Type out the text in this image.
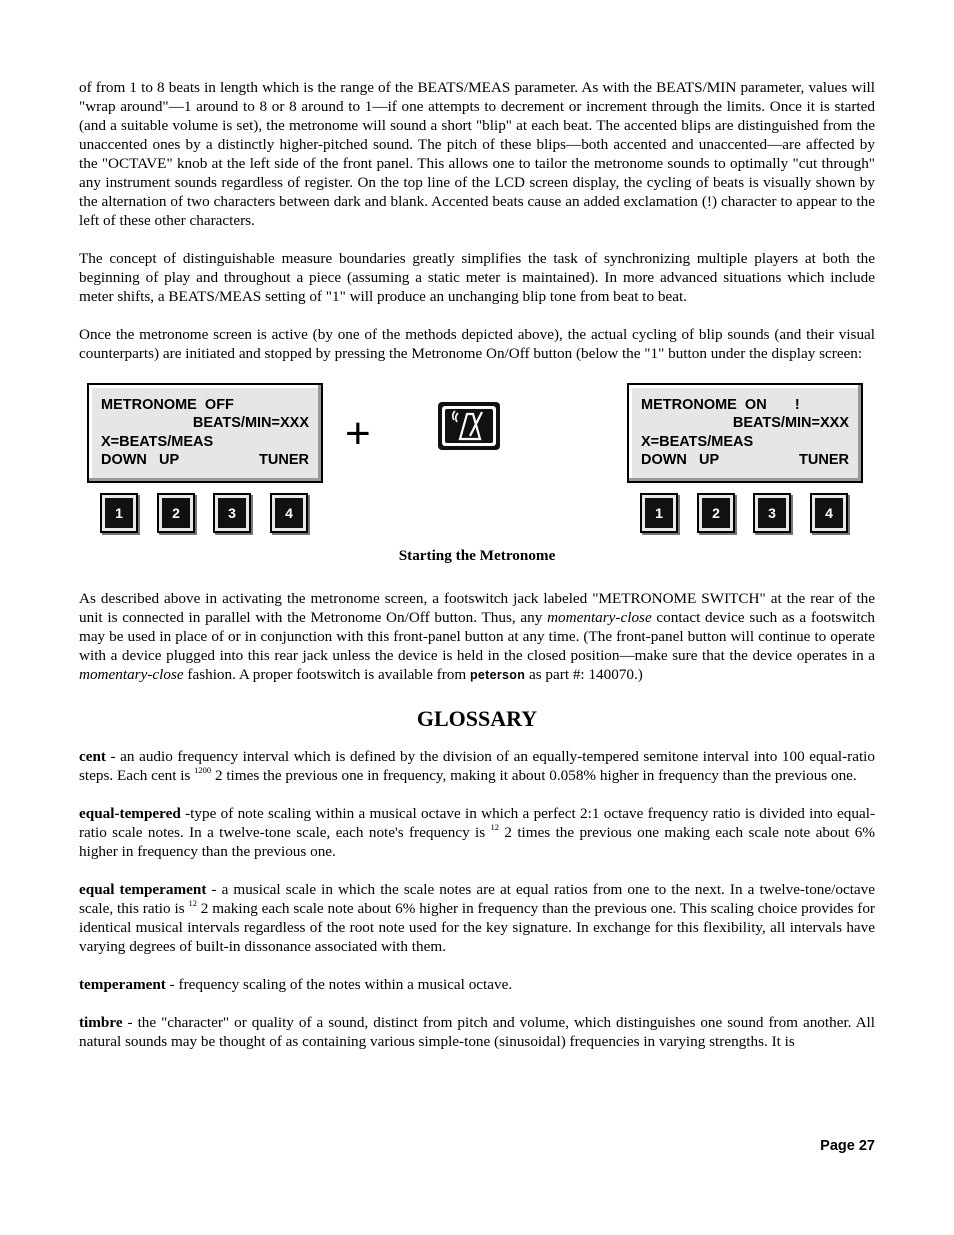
of from 1 to 8 beats in length which is the range of the BEATS/MEAS parameter. As with the BEATS/MIN parameter, values will "wrap around"—1 around to 8 or 8 around to 1—if one attempts to decrement or increment through the limits. Once it is started (and a suitable volume is set), the metronome will sound a short "blip" at each beat. The accented blips are distinguished from the unaccented ones by a distinctly higher-pitched sound. The pitch of these blips—both accented and unaccented—are affected by the "OCTAVE" knob at the left side of the front panel. This allows one to tailor the metronome sounds to optimally "cut through" any instrument sounds regardless of register. On the top line of the LCD screen display, the cycling of beats is visually shown by the alternation of two characters between dark and blank. Accented beats cause an added exclamation (!) character to appear to the left of these other characters.

The concept of distinguishable measure boundaries greatly simplifies the task of synchronizing multiple players at both the beginning of play and throughout a piece (assuming a static meter is maintained). In more advanced situations which include meter shifts, a BEATS/MEAS setting of "1" will produce an unchanging blip tone from beat to beat.

Once the metronome screen is active (by one of the methods depicted above), the actual cycling of blip sounds (and their visual counterparts) are initiated and stopped by pressing the Metronome On/Off button (below the "1" button under the display screen:

METRONOME  OFF
BEATS/MIN=XXX
X=BEATS/MEAS
DOWN   UP	TUNER
1	2	3	4
+
METRONOME  ON       !
BEATS/MIN=XXX
X=BEATS/MEAS
DOWN   UP	TUNER
1	2	3	4
Starting the Metronome

As described above in activating the metronome screen, a footswitch jack labeled "METRONOME SWITCH" at the rear of the unit is connected in parallel with the Metronome On/Off button. Thus, any momentary-close contact device such as a footswitch may be used in place of or in conjunction with this front-panel button at any time. (The front-panel button will continue to operate with a device plugged into this rear jack unless the device is held in the closed position—make sure that the device operates in a momentary-close fashion. A proper footswitch is available from peterson as part #: 140070.)

GLOSSARY

cent - an audio frequency interval which is defined by the division of an equally-tempered semitone interval into 100 equal-ratio steps. Each cent is $^{1200}$ 2 times the previous one in frequency, making it about 0.058% higher in frequency than the previous one.

equal-tempered -type of note scaling within a musical octave in which a perfect 2:1 octave frequency ratio is divided into equal-ratio scale notes. In a twelve-tone scale, each note's frequency is $^{12}$ 2 times the previous one making each scale note about 6% higher in frequency than the previous one.

equal temperament - a musical scale in which the scale notes are at equal ratios from one to the next. In a twelve-tone/octave scale, this ratio is $^{12}$ 2 making each scale note about 6% higher in frequency than the previous one. This scaling choice provides for identical musical intervals regardless of the root note used for the key signature. In exchange for this flexibility, all intervals have varying degrees of built-in dissonance associated with them.

temperament - frequency scaling of the notes within a musical octave.

timbre - the "character" or quality of a sound, distinct from pitch and volume, which distinguishes one sound from another. All natural sounds may be thought of as containing various simple-tone (sinusoidal) frequencies in varying strengths. It is

Page 27
